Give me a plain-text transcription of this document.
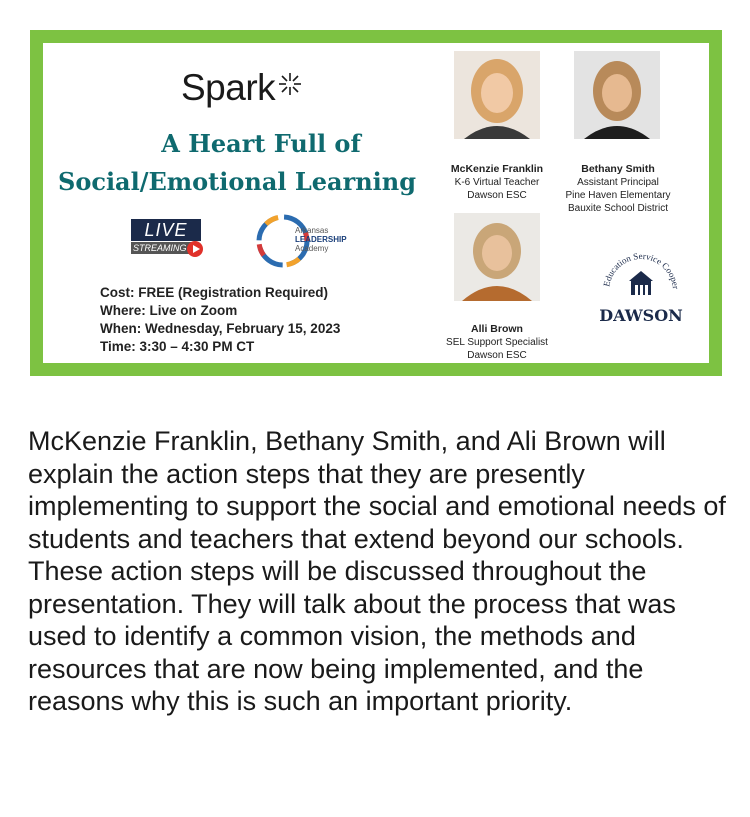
Spark
A Heart Full of
Social/Emotional Learning
LIVE
STREAMING
Arkansas
LEADERSHIP
Academy
Cost: FREE (Registration Required)
Where: Live on Zoom
When: Wednesday, February 15, 2023
Time: 3:30 – 4:30 PM CT
McKenzie Franklin
K-6 Virtual Teacher
Dawson ESC
Bethany Smith
Assistant Principal
Pine Haven Elementary
Bauxite School District
Alli Brown
SEL Support Specialist
Dawson ESC
Education Service Cooper
DAWSON
McKenzie Franklin, Bethany Smith, and Ali Brown will explain the action steps that they are presently implementing to support the social and emotional needs of students and teachers that extend beyond our schools. These action steps will be discussed throughout the presentation. They will talk about the process that was used to identify a common vision, the methods and resources that are now being implemented, and the reasons why this is such an important priority.
